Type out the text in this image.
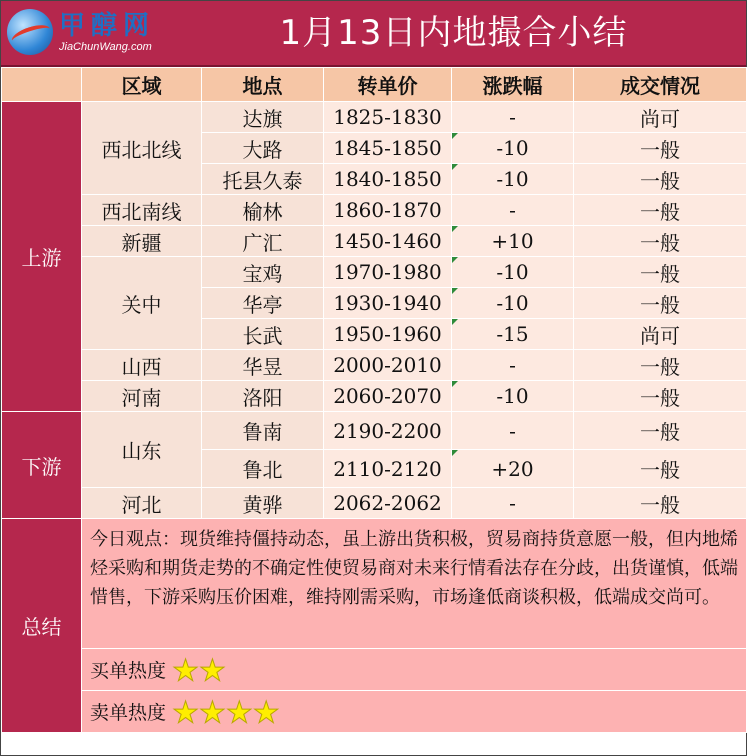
甲醇网
JiaChunWang.com	1月13日内地撮合小结
	区域	地点	转单价	涨跌幅	成交情况
上游	西北北线	达旗	1825-1830	-	尚可
		大路	1845-1850	-10	一般
		托县久泰	1840-1850	-10	一般
	西北南线	榆林	1860-1870	-	一般
	新疆	广汇	1450-1460	+10	一般
	关中	宝鸡	1970-1980	-10	一般
		华亭	1930-1940	-10	一般
		长武	1950-1960	-15	尚可
	山西	华昱	2000-2010	-	一般
	河南	洛阳	2060-2070	-10	一般
下游	山东	鲁南	2190-2200	-	一般
		鲁北	2110-2120	+20	一般
	河北	黄骅	2062-2062	-	一般
总结	今日观点：现货维持僵持动态，虽上游出货积极，贸易商持货意愿一般，但内地烯烃采购和期货走势的不确定性使贸易商对未来行情看法存在分歧，出货谨慎，低端惜售，下游采购压价困难，维持刚需采购，市场逢低商谈积极，低端成交尚可。				
	买单热度 ★★				
	卖单热度 ★★★★				
